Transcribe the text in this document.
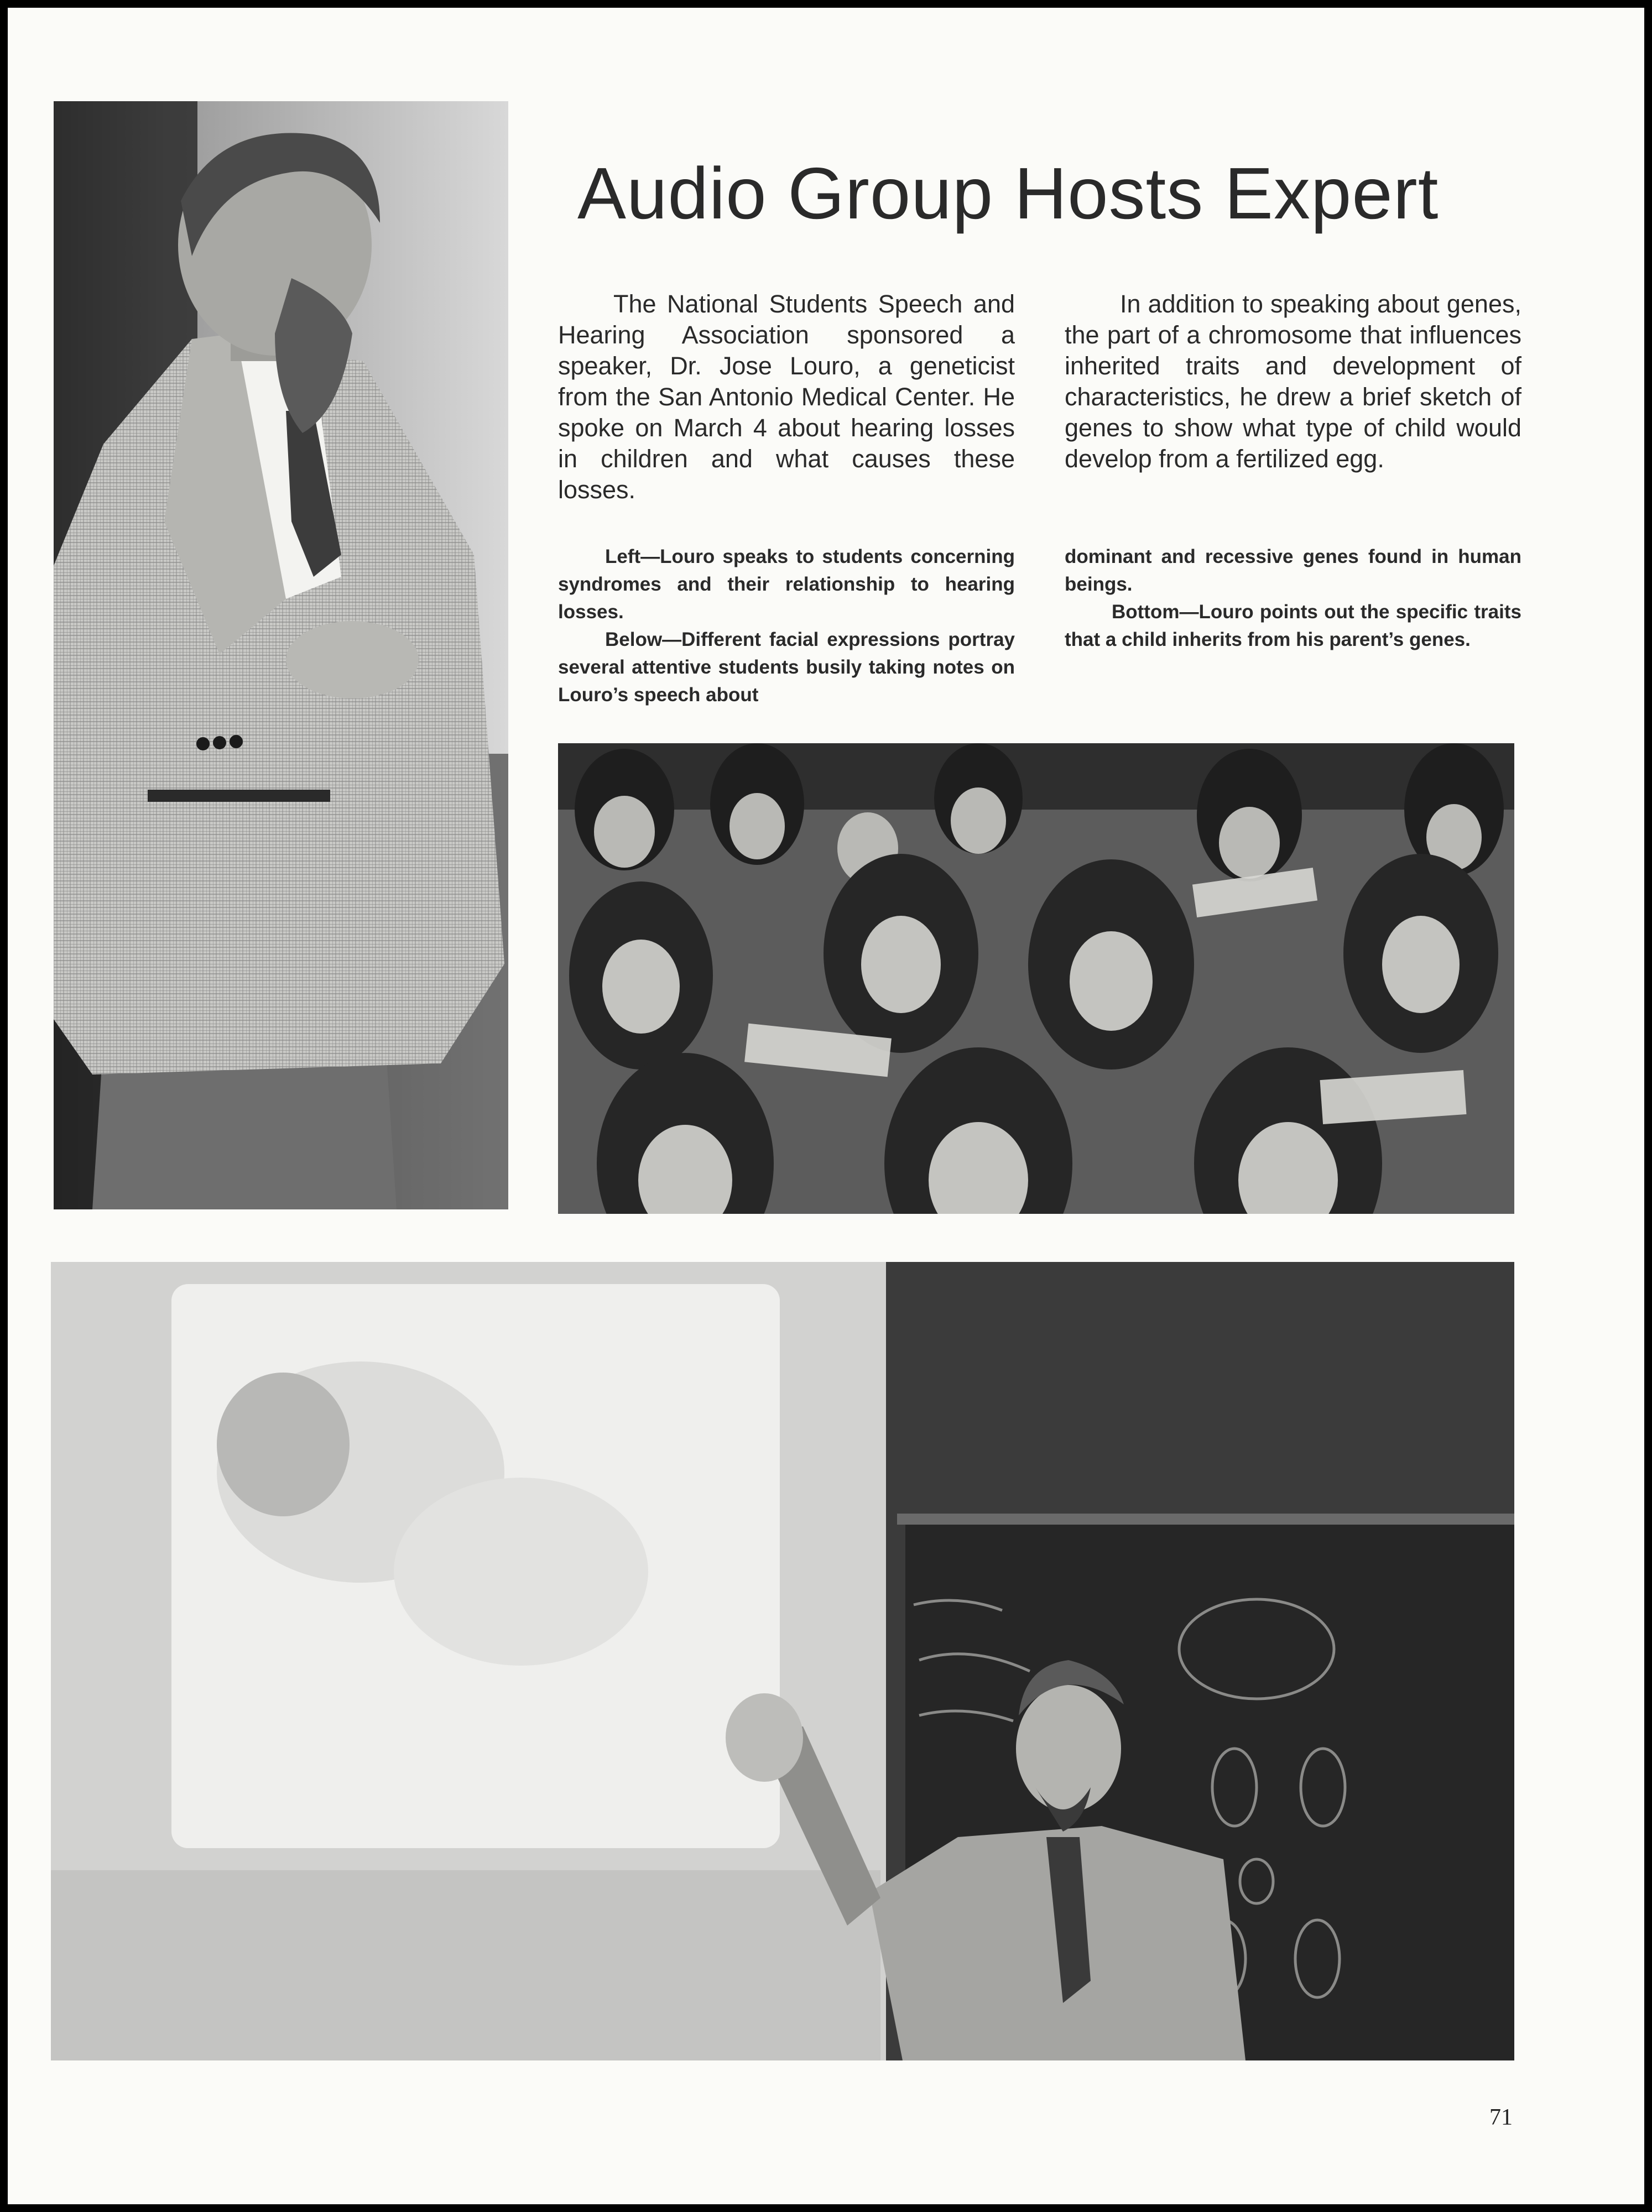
Audio Group Hosts Expert

The National Students Speech and Hearing Association sponsored a speaker, Dr. Jose Louro, a geneticist from the San Antonio Medical Center. He spoke on March 4 about hearing losses in children and what causes these losses.

In addition to speaking about genes, the part of a chromosome that influences inherited traits and development of characteristics, he drew a brief sketch of genes to show what type of child would develop from a fertilized egg.

Left—Louro speaks to students concerning syndromes and their relationship to hearing losses.

Below—Different facial expressions portray several attentive students busily taking notes on Louro’s speech about

dominant and recessive genes found in human beings.

Bottom—Louro points out the specific traits that a child inherits from his parent’s genes.

71
